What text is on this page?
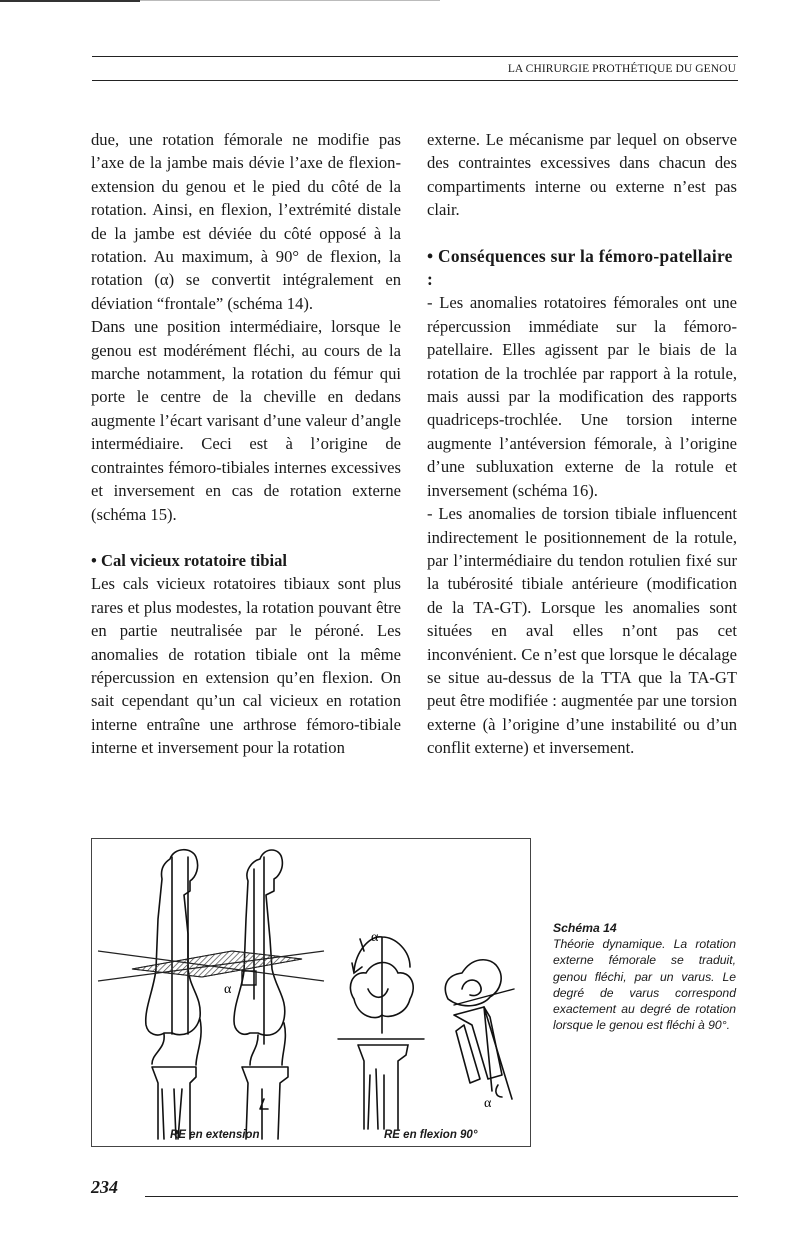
LA CHIRURGIE PROTHÉTIQUE DU GENOU

due, une rotation fémorale ne modifie pas l’axe de la jambe mais dévie l’axe de flexion-extension du genou et le pied du côté de la rotation. Ainsi, en flexion, l’extrémité distale de la jambe est déviée du côté opposé à la rotation. Au maximum, à 90° de flexion, la rotation (α) se convertit intégralement en déviation “frontale” (schéma 14).

Dans une position intermédiaire, lorsque le genou est modérément fléchi, au cours de la marche notamment, la rotation du fémur qui porte le centre de la cheville en dedans augmente l’écart varisant d’une valeur d’angle intermédiaire. Ceci est à l’origine de contraintes fémoro-tibiales internes excessives et inversement en cas de rotation externe (schéma 15).

• Cal vicieux rotatoire tibial

Les cals vicieux rotatoires tibiaux sont plus rares et plus modestes, la rotation pouvant être en partie neutralisée par le péroné. Les anomalies de rotation tibiale ont la même répercussion en extension qu’en flexion. On sait cependant qu’un cal vicieux en rotation interne entraîne une arthrose fémoro-tibiale interne et inversement pour la rotation

externe. Le mécanisme par lequel on observe des contraintes excessives dans chacun des compartiments interne ou externe n’est pas clair.

• Conséquences sur la fémoro-patellaire :

- Les anomalies rotatoires fémorales ont une répercussion immédiate sur la fémoro-patellaire. Elles agissent par le biais de la rotation de la trochlée par rapport à la rotule, mais aussi par la modification des rapports quadriceps-trochlée. Une torsion interne augmente l’antéversion fémorale, à l’origine d’une subluxation externe de la rotule et inversement (schéma 16).

- Les anomalies de torsion tibiale influencent indirectement le positionnement de la rotule, par l’intermédiaire du tendon rotulien fixé sur la tubérosité tibiale antérieure (modification de la TA-GT). Lorsque les anomalies sont situées en aval elles n’ont pas cet inconvénient. Ce n’est que lorsque le décalage se situe au-dessus de la TTA que la TA-GT peut être modifiée : augmentée par une torsion externe (à l’origine d’une instabilité ou d’un conflit externe) et inversement.

α
α
α
RE en extension	RE en flexion 90°
Schéma 14
Théorie dynamique. La rotation externe fémorale se traduit, genou fléchi, par un varus. Le degré de varus correspond exactement au degré de rotation lorsque le genou est fléchi à 90°.
234
